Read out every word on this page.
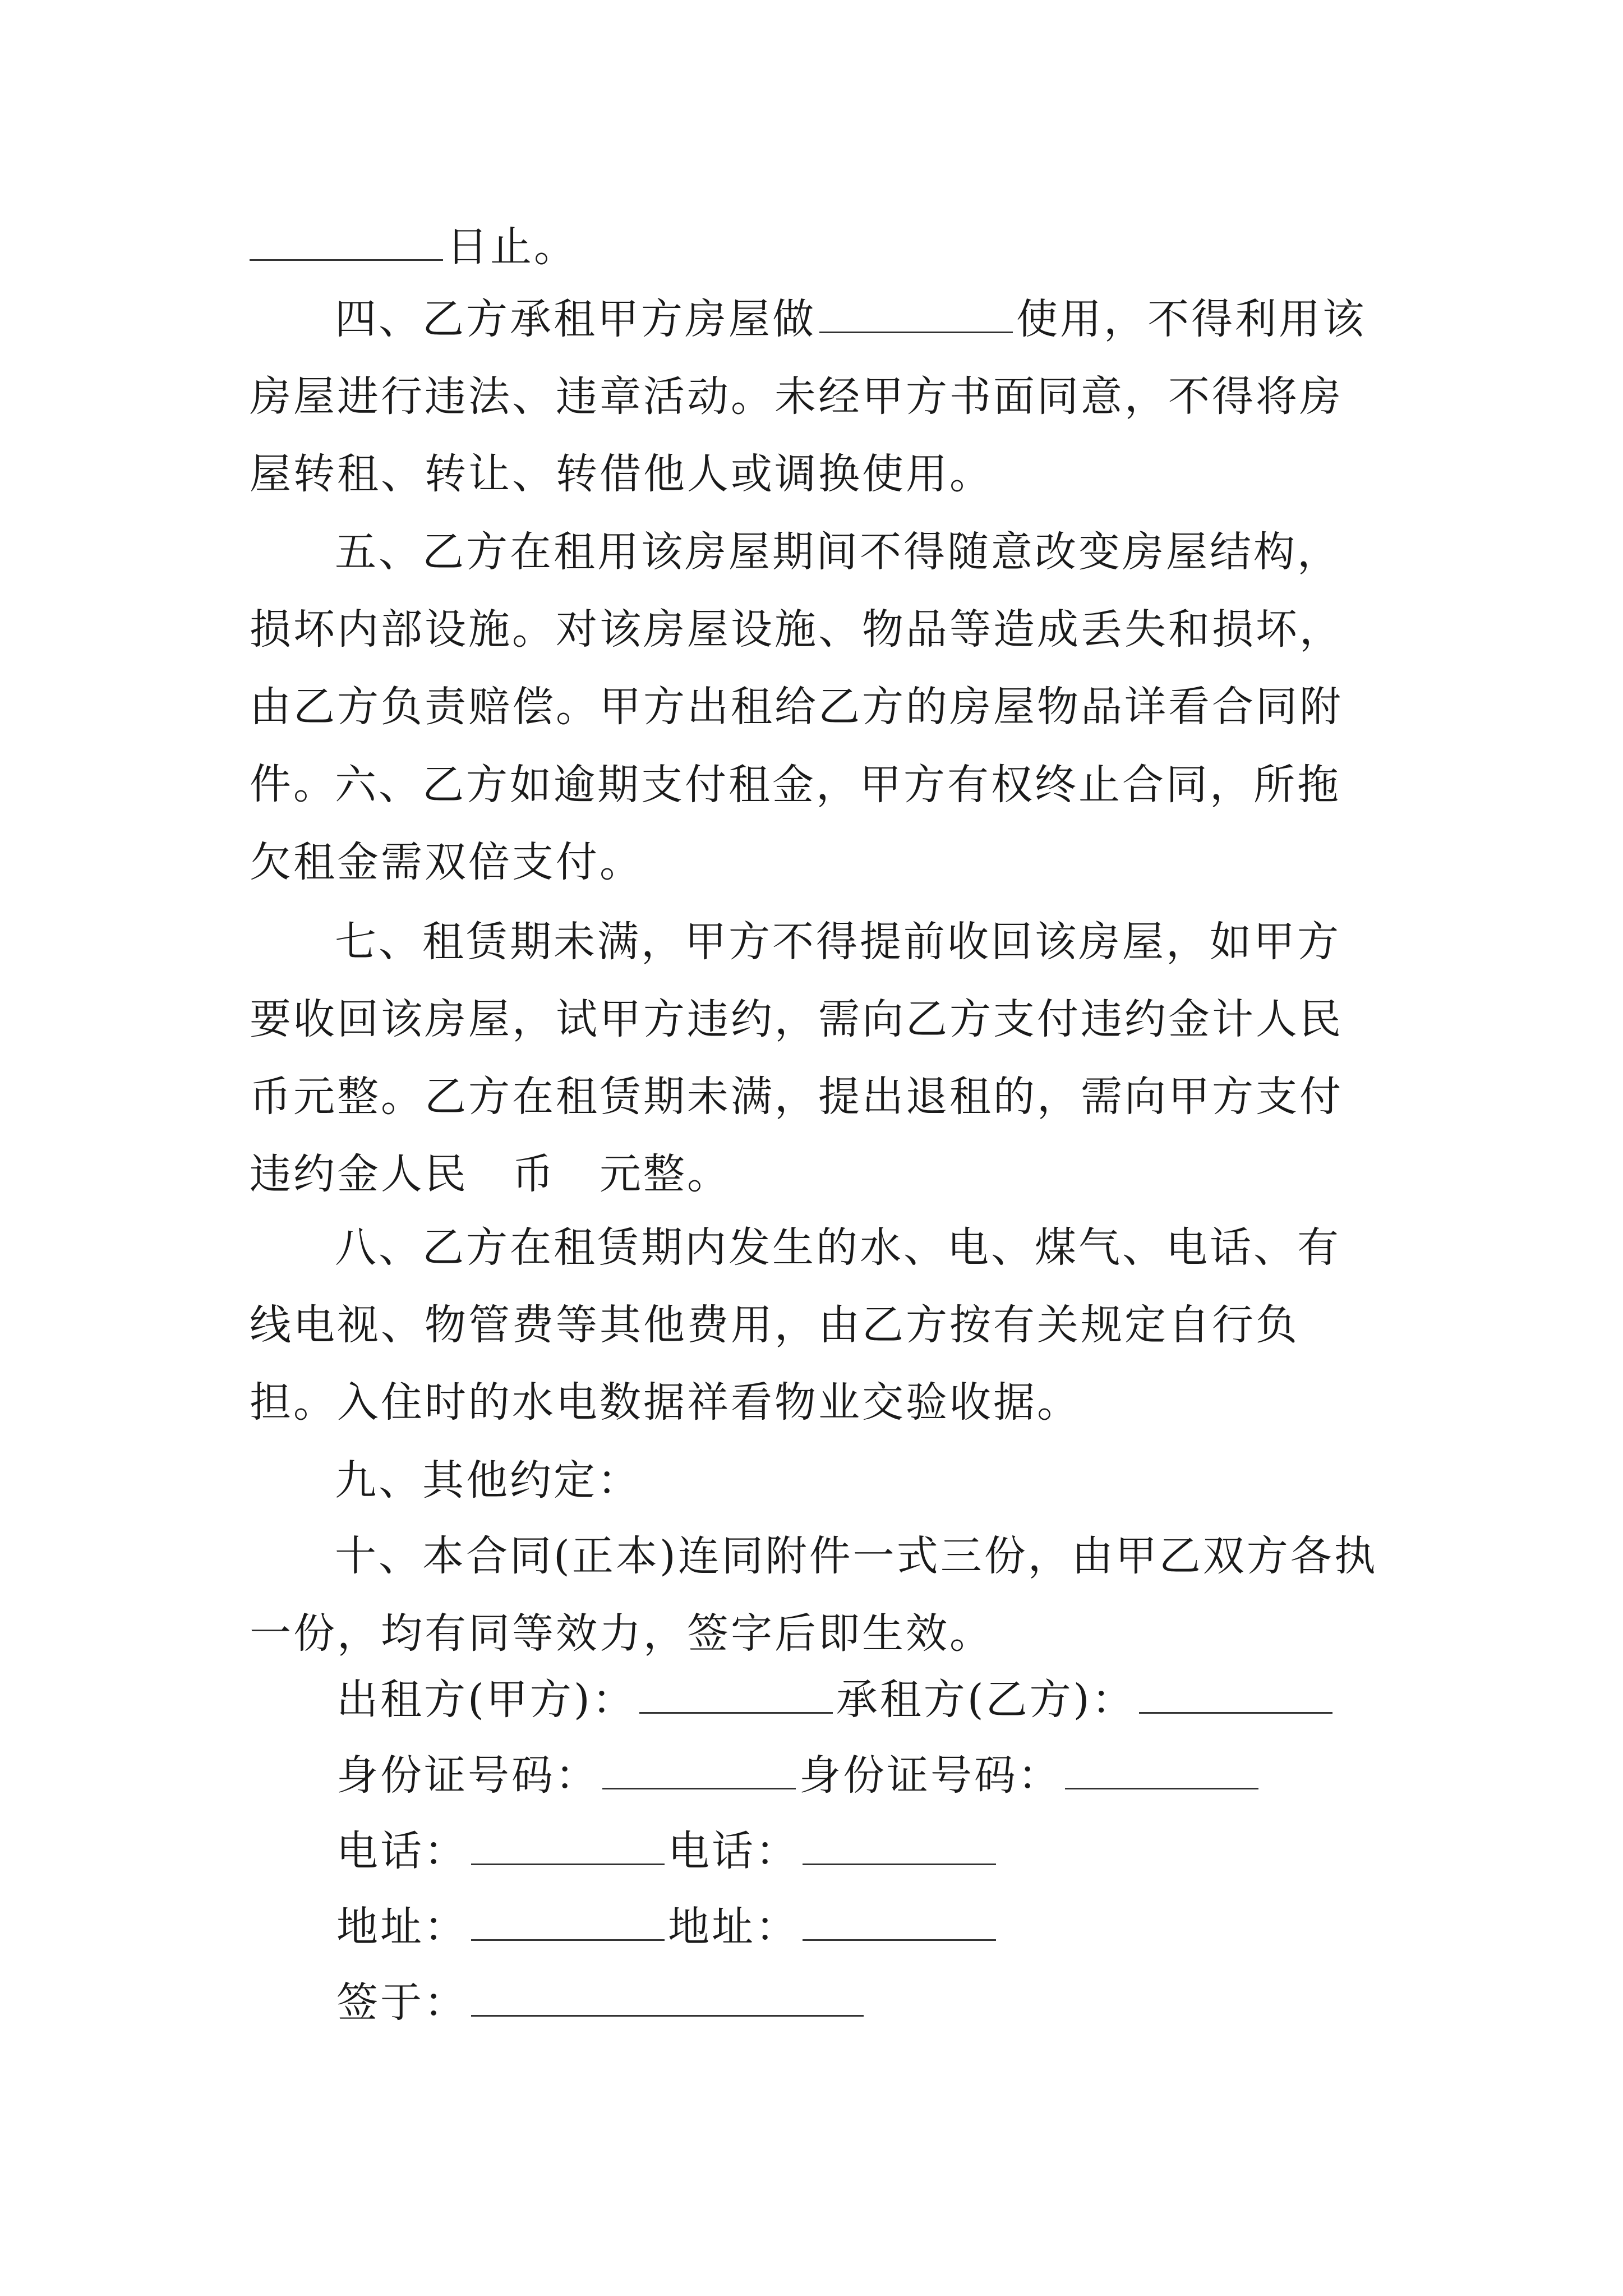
日止。
四、乙方承租甲方房屋做	使用，不得利用该房屋进行违法、违章活动。未经甲方书面同意，不得将房屋转租、转让、转借他人或调换使用。
五、乙方在租用该房屋期间不得随意改变房屋结构，损坏内部设施。对该房屋设施、物品等造成丢失和损坏，由乙方负责赔偿。甲方出租给乙方的房屋物品详看合同附件。
六、乙方如逾期支付租金，甲方有权终止合同，所拖欠租金需双倍支付。
七、租赁期未满，甲方不得提前收回该房屋，如甲方要收回该房屋，试甲方违约，需向乙方支付违约金计人民币元整。乙方在租赁期未满，提出退租的，需向甲方支付违约金人民　币　元整。
八、乙方在租赁期内发生的水、电、煤气、电话、有线电视、物管费等其他费用，由乙方按有关规定自行负担。入住时的水电数据祥看物业交验收据。
九、其他约定：
十、本合同(正本)连同附件一式三份，由甲乙双方各执一份，均有同等效力，签字后即生效。
出租方(甲方)：	承租方(乙方)：
身份证号码：	身份证号码：
电话：	电话：
地址：	地址：
签于：
